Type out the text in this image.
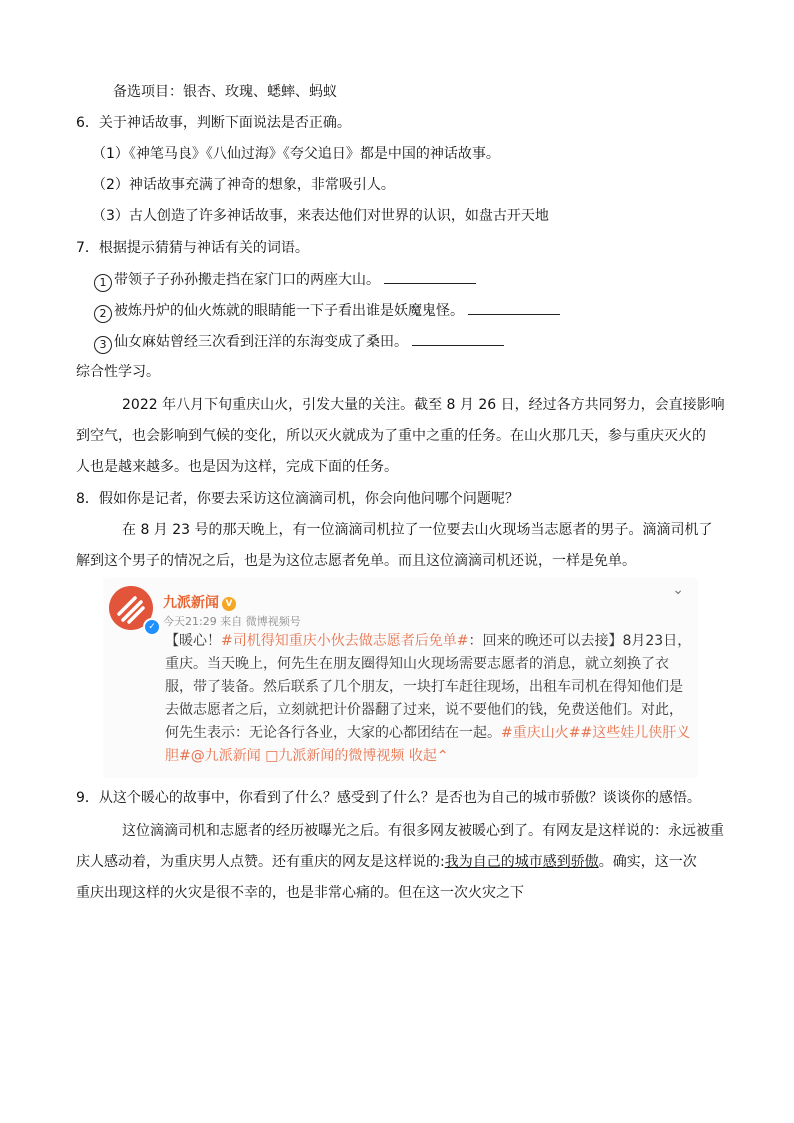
备选项目：银杏、玫瑰、蟋蟀、蚂蚁
6．关于神话故事，判断下面说法是否正确。
（1）《神笔马良》《八仙过海》《夸父追日》都是中国的神话故事。
（2）神话故事充满了神奇的想象，非常吸引人。
（3）古人创造了许多神话故事，来表达他们对世界的认识，如盘古开天地
7．根据提示猜猜与神话有关的词语。
1 带领子子孙孙搬走挡在家门口的两座大山。
2 被炼丹炉的仙火炼就的眼睛能一下子看出谁是妖魔鬼怪。
3 仙女麻姑曾经三次看到汪洋的东海变成了桑田。
综合性学习。
2022 年八月下旬重庆山火，引发大量的关注。截至 8 月 26 日，经过各方共同努力，会直接影响
到空气，也会影响到气候的变化，所以灭火就成为了重中之重的任务。在山火那几天，参与重庆灭火的
人也是越来越多。也是因为这样，完成下面的任务。
8．假如你是记者，你要去采访这位滴滴司机，你会向他问哪个问题呢？
在 8 月 23 号的那天晚上，有一位滴滴司机拉了一位要去山火现场当志愿者的男子。滴滴司机了
解到这个男子的情况之后，也是为这位志愿者免单。而且这位滴滴司机还说，一样是免单。
✓
九派新闻 V
今天21:29 来自 微博视频号
⌄
【暖心！#司机得知重庆小伙去做志愿者后免单#：回来的晚还可以去接】8月23日，重庆。当天晚上，何先生在朋友圈得知山火现场需要志愿者的消息，就立刻换了衣服，带了装备。然后联系了几个朋友，一块打车赶往现场，出租车司机在得知他们是去做志愿者之后，立刻就把计价器翻了过来，说不要他们的钱，免费送他们。对此，何先生表示：无论各行各业，大家的心都团结在一起。#重庆山火##这些娃儿侠肝义胆#@九派新闻 □九派新闻的微博视频 收起⌃
9．从这个暖心的故事中，你看到了什么？感受到了什么？是否也为自己的城市骄傲？谈谈你的感悟。
这位滴滴司机和志愿者的经历被曝光之后。有很多网友被暖心到了。有网友是这样说的：永远被重
庆人感动着，为重庆男人点赞。还有重庆的网友是这样说的:我为自己的城市感到骄傲。确实，这一次
重庆出现这样的火灾是很不幸的，也是非常心痛的。但在这一次火灾之下
